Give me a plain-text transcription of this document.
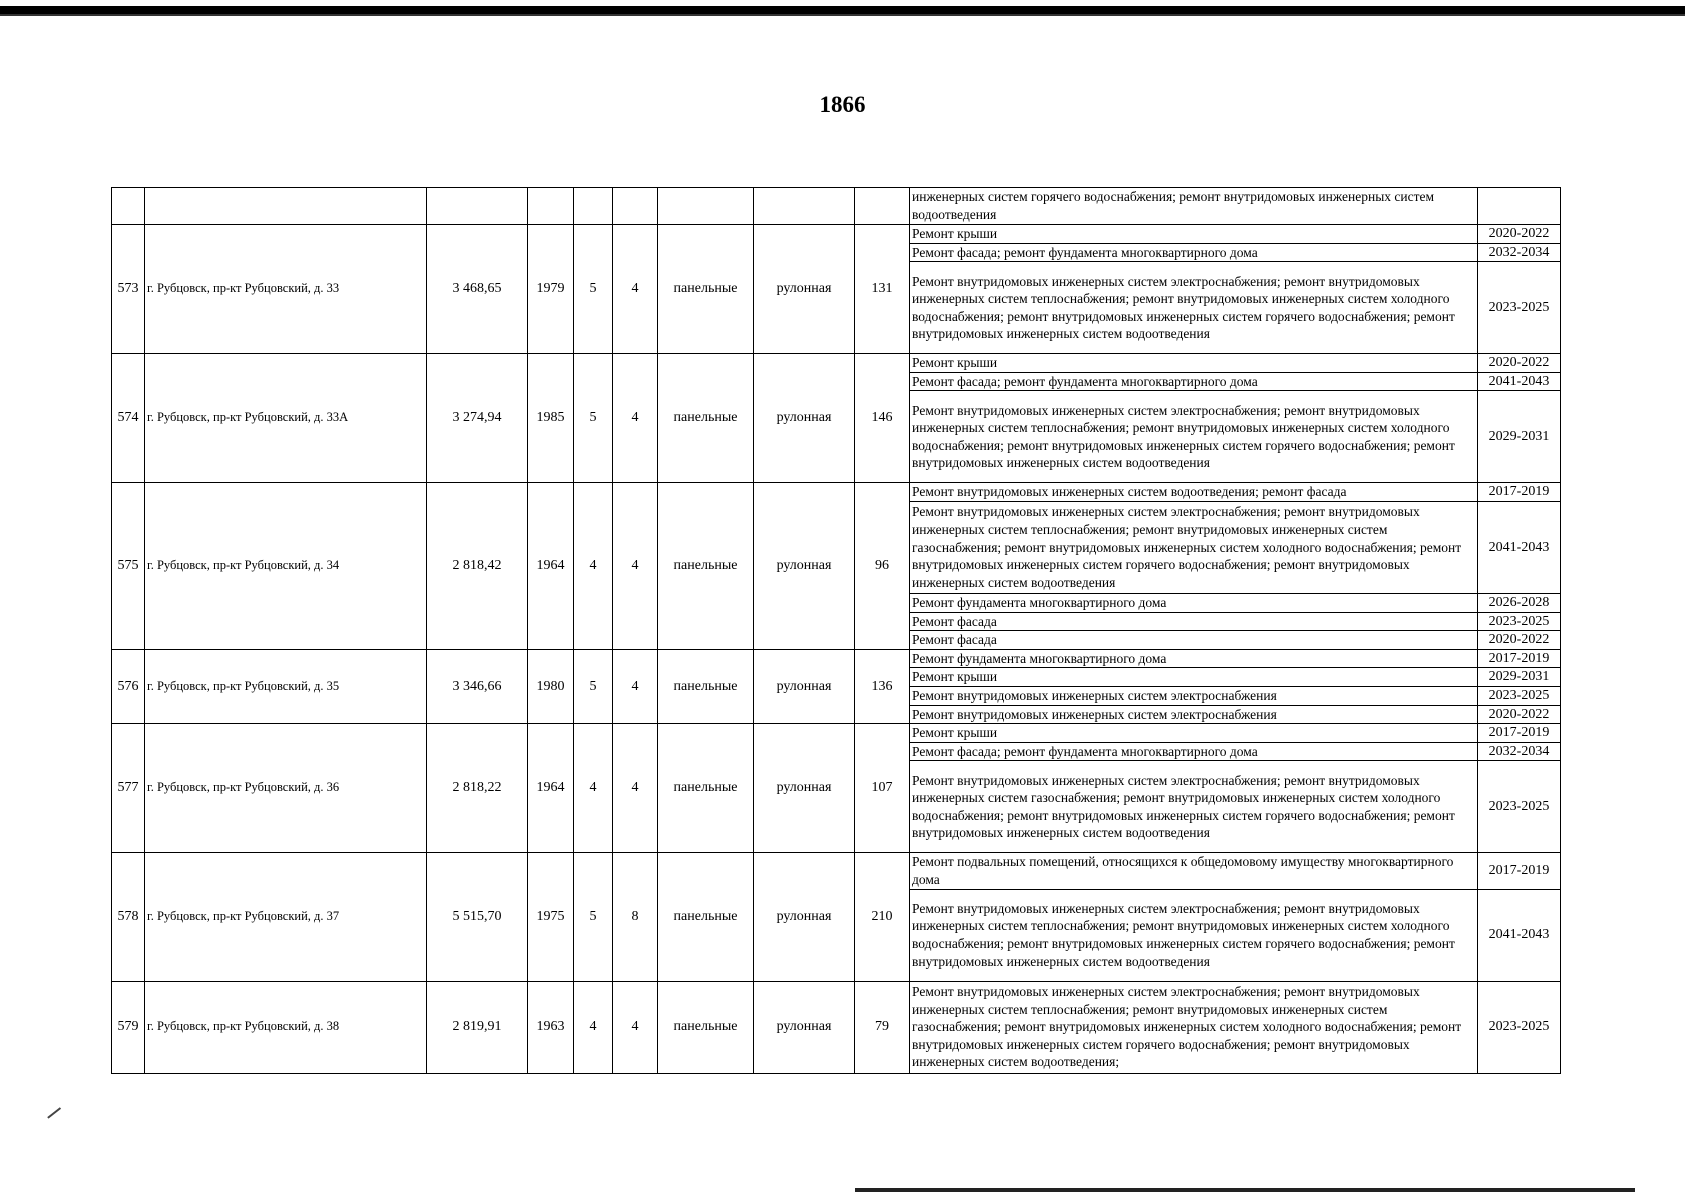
1866
									инженерных систем горячего водоснабжения; ремонт внутридомовых инженерных систем водоотведения	
573	г. Рубцовск, пр-кт Рубцовский, д. 33	3 468,65	1979	5	4	панельные	рулонная	131	Ремонт крыши	2020-2022
									Ремонт фасада; ремонт фундамента многоквартирного дома	2032-2034
									Ремонт внутридомовых инженерных систем электроснабжения; ремонт внутридомовых инженерных систем теплоснабжения; ремонт внутридомовых инженерных систем холодного водоснабжения; ремонт внутридомовых инженерных систем горячего водоснабжения; ремонт внутридомовых инженерных систем водоотведения	2023-2025
574	г. Рубцовск, пр-кт Рубцовский, д. 33А	3 274,94	1985	5	4	панельные	рулонная	146	Ремонт крыши	2020-2022
									Ремонт фасада; ремонт фундамента многоквартирного дома	2041-2043
									Ремонт внутридомовых инженерных систем электроснабжения; ремонт внутридомовых инженерных систем теплоснабжения; ремонт внутридомовых инженерных систем холодного водоснабжения; ремонт внутридомовых инженерных систем горячего водоснабжения; ремонт внутридомовых инженерных систем водоотведения	2029-2031
575	г. Рубцовск, пр-кт Рубцовский, д. 34	2 818,42	1964	4	4	панельные	рулонная	96	Ремонт внутридомовых инженерных систем водоотведения; ремонт фасада	2017-2019
									Ремонт внутридомовых инженерных систем электроснабжения; ремонт внутридомовых инженерных систем теплоснабжения; ремонт внутридомовых инженерных систем газоснабжения; ремонт внутридомовых инженерных систем холодного водоснабжения; ремонт внутридомовых инженерных систем горячего водоснабжения; ремонт внутридомовых инженерных систем водоотведения	2041-2043
									Ремонт фундамента многоквартирного дома	2026-2028
									Ремонт фасада	2023-2025
									Ремонт фасада	2020-2022
576	г. Рубцовск, пр-кт Рубцовский, д. 35	3 346,66	1980	5	4	панельные	рулонная	136	Ремонт фундамента многоквартирного дома	2017-2019
									Ремонт крыши	2029-2031
									Ремонт внутридомовых инженерных систем электроснабжения	2023-2025
									Ремонт внутридомовых инженерных систем электроснабжения	2020-2022
577	г. Рубцовск, пр-кт Рубцовский, д. 36	2 818,22	1964	4	4	панельные	рулонная	107	Ремонт крыши	2017-2019
									Ремонт фасада; ремонт фундамента многоквартирного дома	2032-2034
									Ремонт внутридомовых инженерных систем электроснабжения; ремонт внутридомовых инженерных систем газоснабжения; ремонт внутридомовых инженерных систем холодного водоснабжения; ремонт внутридомовых инженерных систем горячего водоснабжения; ремонт внутридомовых инженерных систем водоотведения	2023-2025
578	г. Рубцовск, пр-кт Рубцовский, д. 37	5 515,70	1975	5	8	панельные	рулонная	210	Ремонт подвальных помещений, относящихся к общедомовому имуществу многоквартирного дома	2017-2019
									Ремонт внутридомовых инженерных систем электроснабжения; ремонт внутридомовых инженерных систем теплоснабжения; ремонт внутридомовых инженерных систем холодного водоснабжения; ремонт внутридомовых инженерных систем горячего водоснабжения; ремонт внутридомовых инженерных систем водоотведения	2041-2043
579	г. Рубцовск, пр-кт Рубцовский, д. 38	2 819,91	1963	4	4	панельные	рулонная	79	Ремонт внутридомовых инженерных систем электроснабжения; ремонт внутридомовых инженерных систем теплоснабжения; ремонт внутридомовых инженерных систем газоснабжения; ремонт внутридомовых инженерных систем холодного водоснабжения; ремонт внутридомовых инженерных систем горячего водоснабжения; ремонт внутридомовых инженерных систем водоотведения;	2023-2025
